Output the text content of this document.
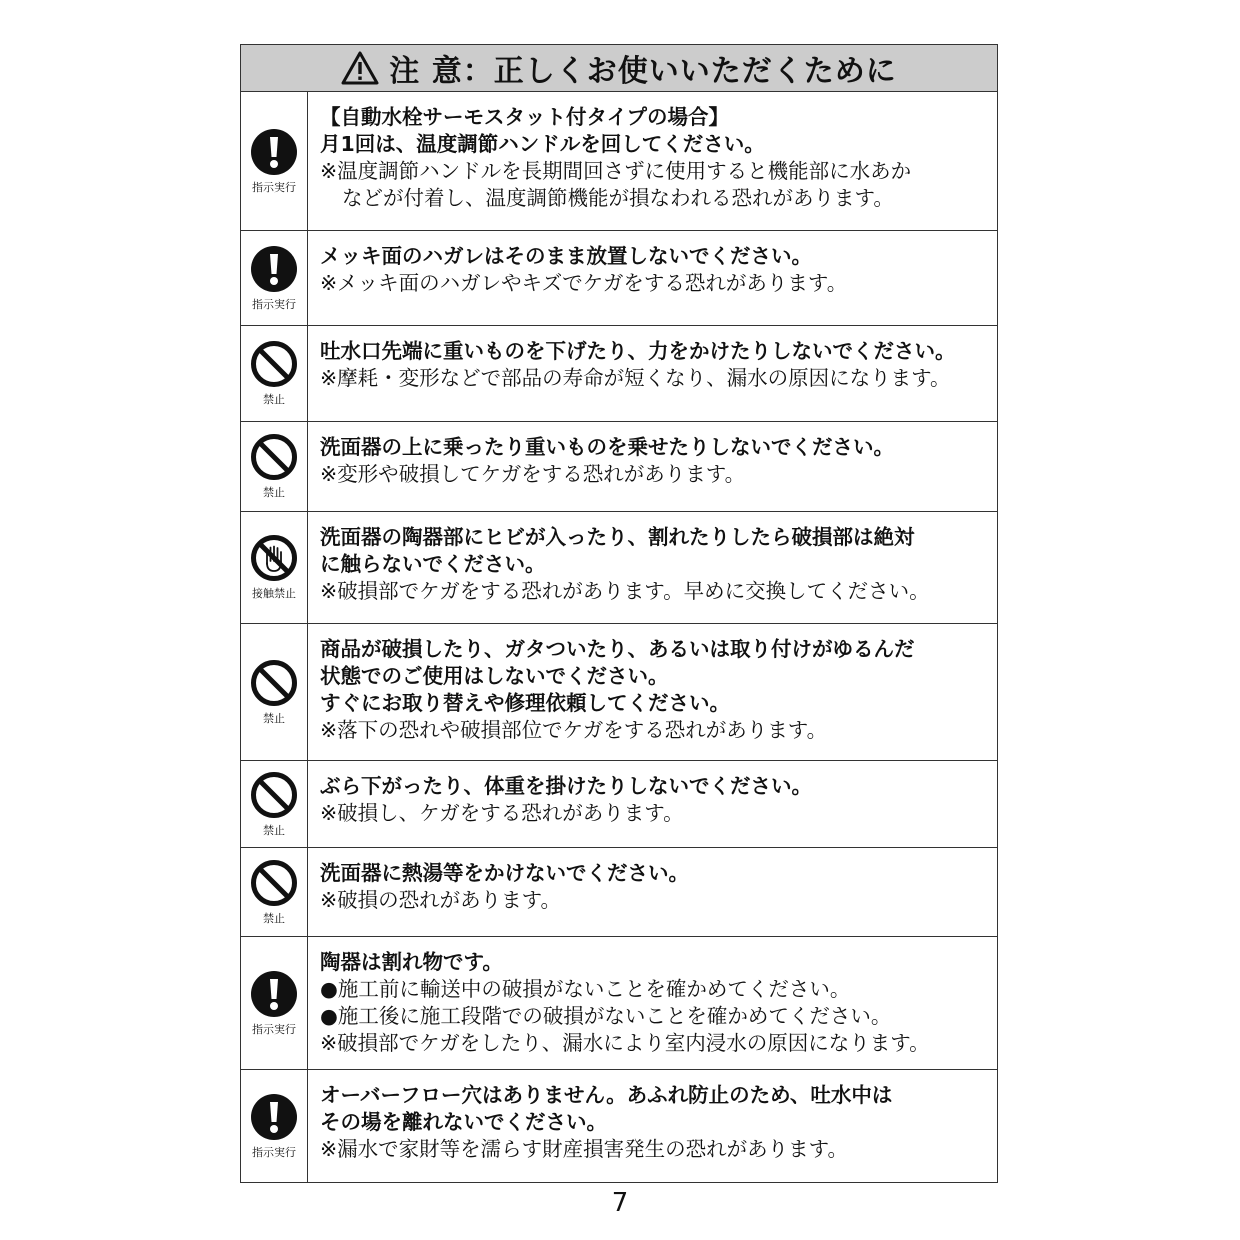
注 意：正しくお使いいただくために
指示実行
【自動水栓サーモスタット付タイプの場合】
月1回は、温度調節ハンドルを回してください。
※温度調節ハンドルを長期間回さずに使用すると機能部に水あか
などが付着し、温度調節機能が損なわれる恐れがあります。
指示実行
メッキ面のハガレはそのまま放置しないでください。
※メッキ面のハガレやキズでケガをする恐れがあります。
禁止
吐水口先端に重いものを下げたり、力をかけたりしないでください。
※摩耗・変形などで部品の寿命が短くなり、漏水の原因になります。
禁止
洗面器の上に乗ったり重いものを乗せたりしないでください。
※変形や破損してケガをする恐れがあります。
接触禁止
洗面器の陶器部にヒビが入ったり、割れたりしたら破損部は絶対
に触らないでください。
※破損部でケガをする恐れがあります。早めに交換してください。
禁止
商品が破損したり、ガタついたり、あるいは取り付けがゆるんだ
状態でのご使用はしないでください。
すぐにお取り替えや修理依頼してください。
※落下の恐れや破損部位でケガをする恐れがあります。
禁止
ぶら下がったり、体重を掛けたりしないでください。
※破損し、ケガをする恐れがあります。
禁止
洗面器に熱湯等をかけないでください。
※破損の恐れがあります。
指示実行
陶器は割れ物です。
●施工前に輸送中の破損がないことを確かめてください。
●施工後に施工段階での破損がないことを確かめてください。
※破損部でケガをしたり、漏水により室内浸水の原因になります。
指示実行
オーバーフロー穴はありません。あふれ防止のため、吐水中は
その場を離れないでください。
※漏水で家財等を濡らす財産損害発生の恐れがあります。
7
